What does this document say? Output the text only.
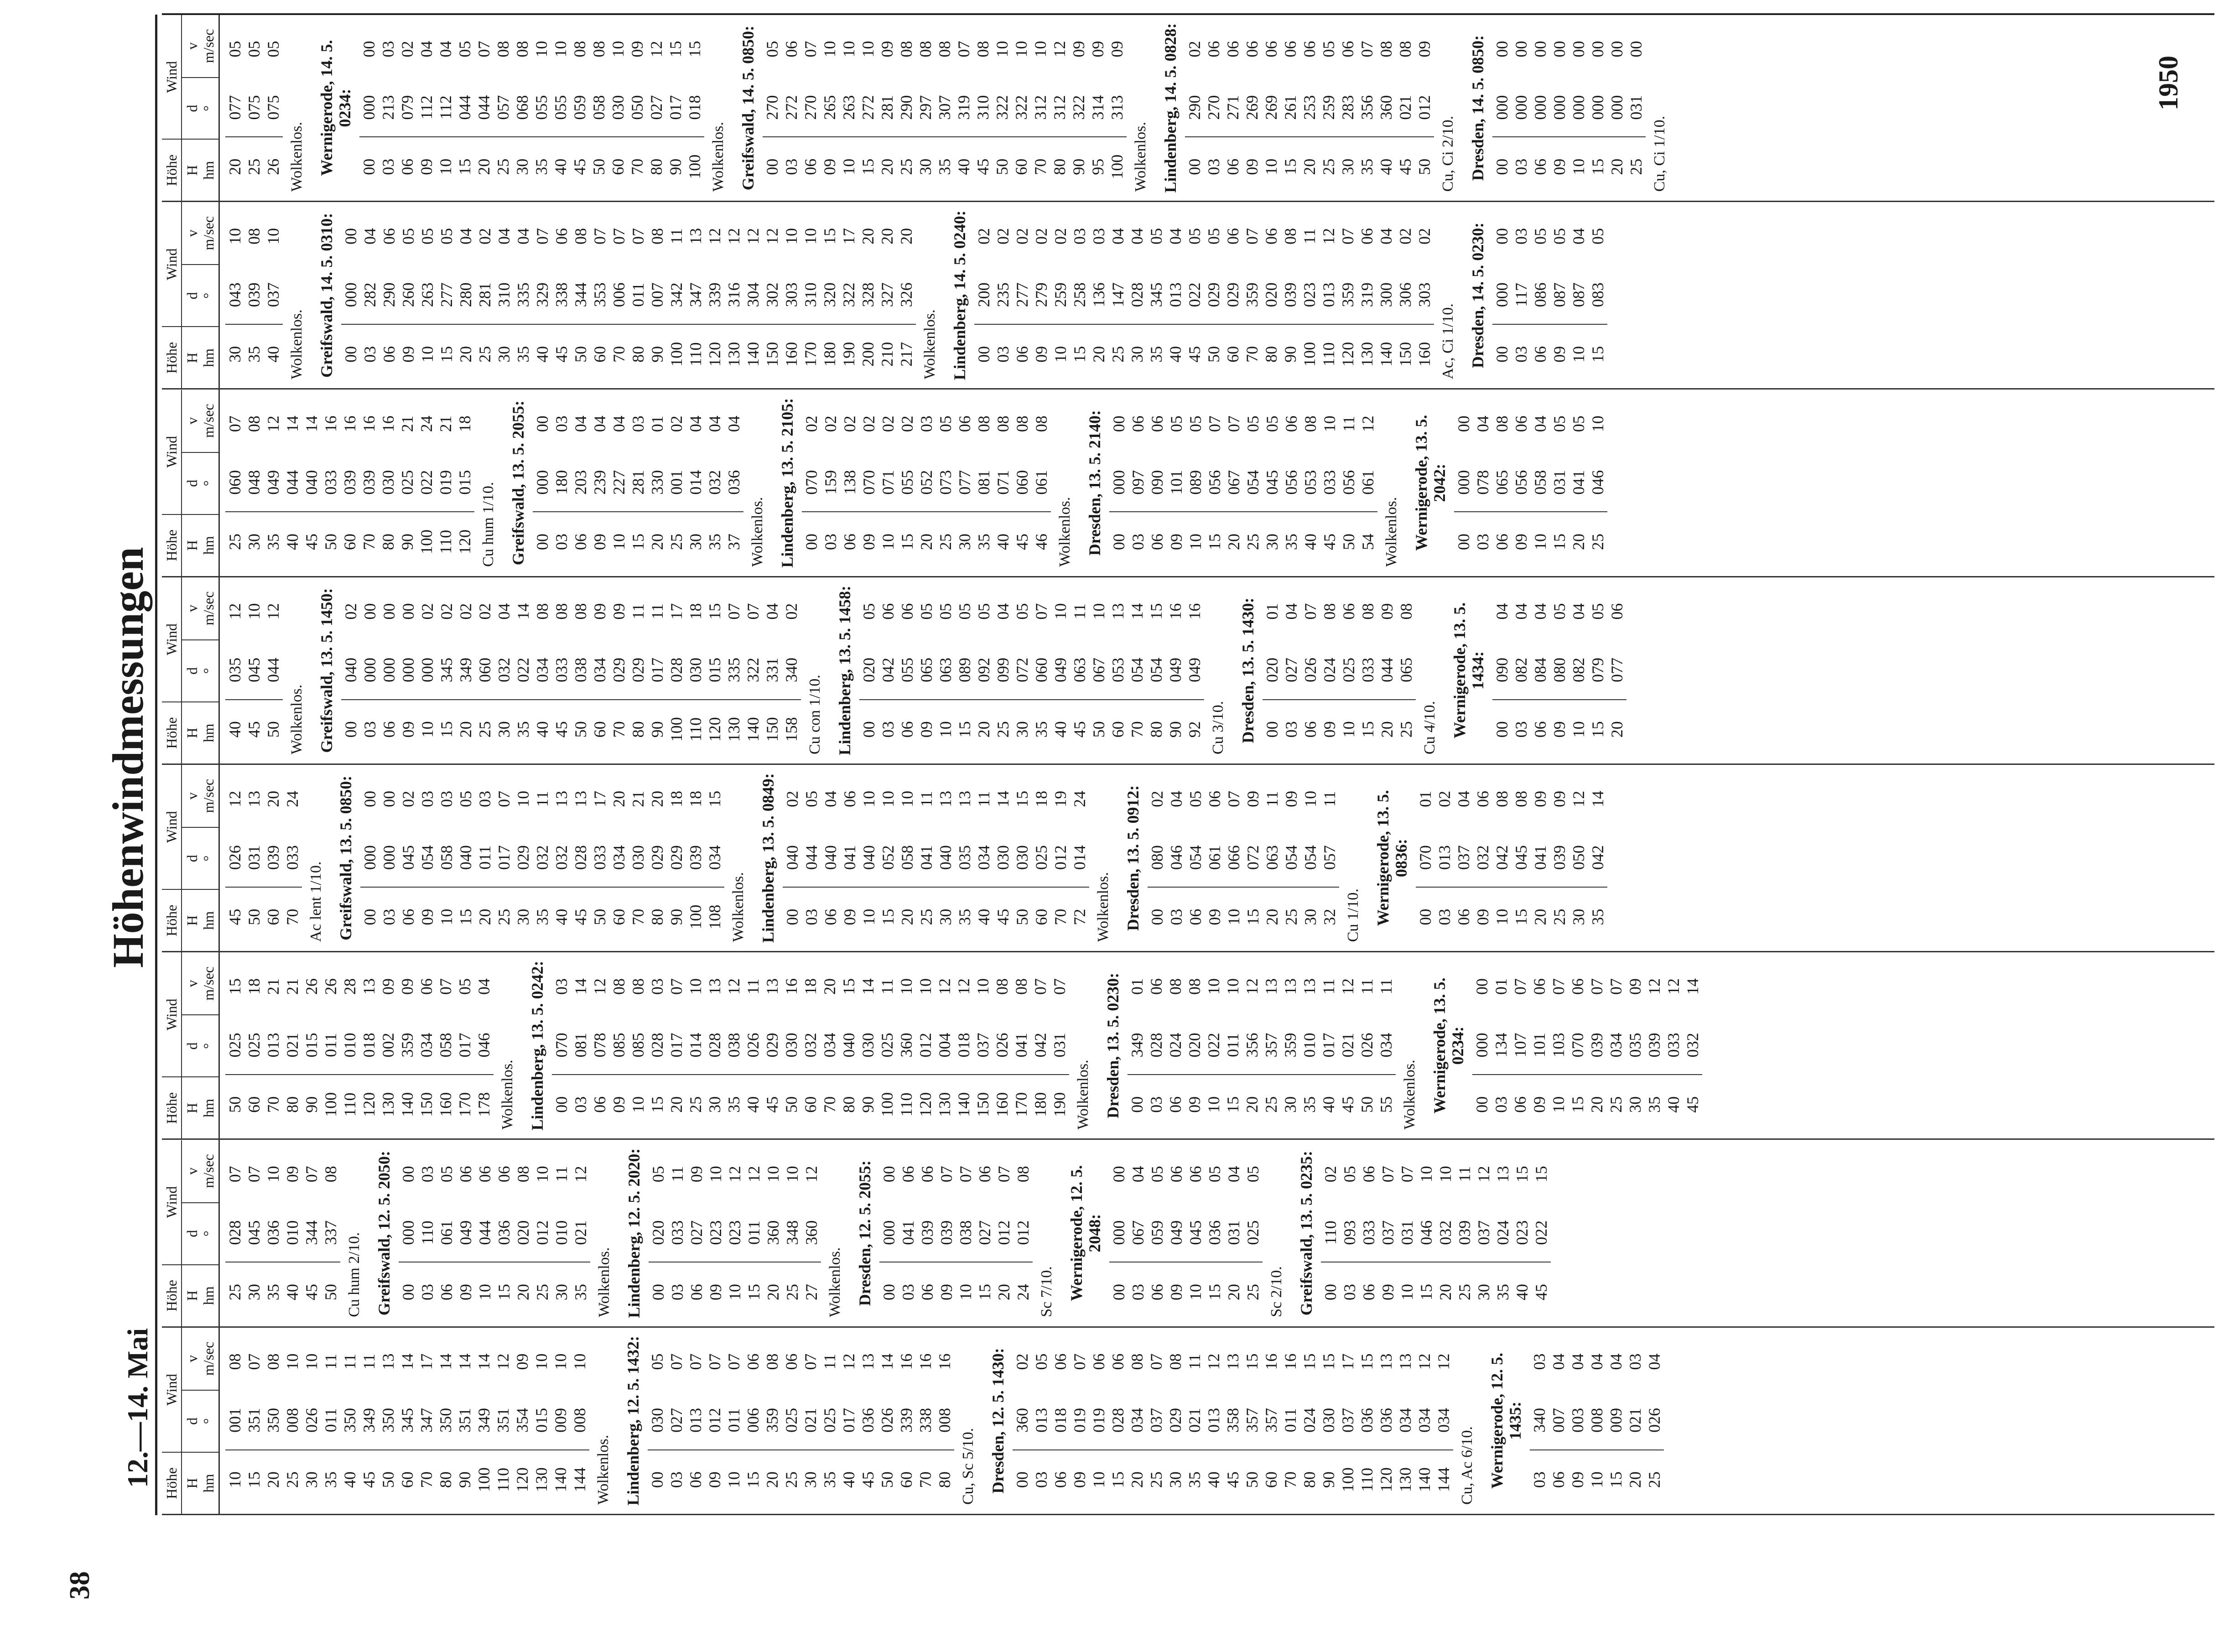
38
12.—14. Mai
Höhenwindmessungen
1950
Höhe
Wind
H hm
d °
v m/sec
10
001
08
15
351
07
20
350
08
25
008
10
30
026
10
35
011
11
40
350
11
45
349
11
50
350
13
60
345
14
70
347
17
80
350
14
90
351
14
100
349
14
110
351
12
120
354
09
130
015
10
140
009
10
144
008
10
Wolkenlos. Lindenberg, 12. 5. 1432: 00
030
05
03
027
07
06
013
07
09
012
07
10
011
07
15
006
06
20
359
08
25
025
06
30
021
07
35
025
11
40
017
12
45
036
13
50
026
14
60
339
16
70
338
16
80
008
16
Cu, Sc 5/10. Dresden, 12. 5. 1430: 00
360
02
03
013
05
06
018
06
09
019
07
10
019
06
15
028
06
20
034
08
25
037
07
30
029
08
35
021
11
40
013
12
45
358
13
50
357
15
60
357
16
70
011
16
80
024
15
90
030
15
100
037
17
110
036
15
120
036
13
130
034
13
140
034
12
144
034
12
Cu, Ac 6/10. Wernigerode, 12. 5. 1435:
03
340
03
06
007
04
09
003
04
10
008
04
15
009
04
20
021
03
25
026
04
Höhe
Wind
H hm
d °
v m/sec
25
028
07
30
045
07
35
036
10
40
010
09
45
344
07
50
337
08
Cu hum 2/10. Greifswald, 12. 5. 2050: 00
000
00
03
110
03
06
061
05
09
049
06
10
044
06
15
036
06
20
020
08
25
012
10
30
010
11
35
021
12
Wolkenlos. Lindenberg, 12. 5. 2020: 00
020
05
03
033
11
06
027
09
09
023
10
10
023
12
15
011
12
20
360
10
25
348
10
27
360
12
Wolkenlos. Dresden, 12. 5. 2055: 00
000
00
03
041
06
06
039
06
09
039
07
10
038
07
15
027
06
20
012
07
24
012
08
Sc 7/10. Wernigerode, 12. 5. 2048:
00
000
00
03
067
04
06
059
05
09
049
06
10
045
06
15
036
05
20
031
04
25
025
05
Sc 2/10. Greifswald, 13. 5. 0235: 00
110
02
03
093
05
06
033
06
09
037
07
10
031
07
15
046
10
20
032
10
25
039
11
30
037
12
35
024
13
40
023
15
45
022
15
Höhe
Wind
H hm
d °
v m/sec
50
025
15
60
025
18
70
013
21
80
021
21
90
015
26
100
011
26
110
010
28
120
018
13
130
002
09
140
359
09
150
034
06
160
058
07
170
017
05
178
046
04
Wolkenlos. Lindenberg, 13. 5. 0242: 00
070
03
03
081
14
06
078
12
09
085
08
10
085
08
15
028
03
20
017
07
25
014
10
30
028
13
35
038
12
40
026
11
45
029
13
50
030
16
60
032
18
70
034
20
80
040
15
90
030
14
100
025
11
110
360
10
120
012
10
130
004
12
140
018
12
150
037
10
160
026
08
170
041
08
180
042
07
190
031
07
Wolkenlos. Dresden, 13. 5. 0230: 00
349
01
03
028
06
06
024
08
09
020
08
10
022
10
15
011
10
20
356
12
25
357
13
30
359
13
35
010
13
40
017
11
45
021
12
50
026
11
55
034
11
Wolkenlos. Wernigerode, 13. 5. 0234:
00
000
00
03
134
01
06
107
07
09
101
06
10
103
07
15
070
06
20
039
07
25
034
07
30
035
09
35
039
12
40
033
12
45
032
14
Höhe
Wind
H hm
d °
v m/sec
45
026
12
50
031
13
60
039
20
70
033
24
Ac lent 1/10. Greifswald, 13. 5. 0850: 00
000
00
03
000
00
06
045
02
09
054
03
10
058
03
15
040
05
20
011
03
25
017
07
30
029
10
35
032
11
40
032
13
45
028
13
50
033
17
60
034
20
70
030
21
80
029
20
90
029
18
100
039
18
108
034
15
Wolkenlos. Lindenberg, 13. 5. 0849: 00
040
02
03
044
05
06
040
04
09
041
06
10
040
10
15
052
10
20
058
10
25
041
11
30
040
13
35
035
13
40
034
11
45
030
14
50
030
15
60
025
18
70
012
19
72
014
24
Wolkenlos. Dresden, 13. 5. 0912: 00
080
02
03
046
04
06
054
05
09
061
06
10
066
07
15
072
09
20
063
11
25
054
09
30
054
10
32
057
11
Cu 1/10. Wernigerode, 13. 5. 0836:
00
070
01
03
013
02
06
037
04
09
032
06
10
042
08
15
045
08
20
041
09
25
039
09
30
050
12
35
042
14
Höhe
Wind
H hm
d °
v m/sec
40
035
12
45
045
10
50
044
12
Wolkenlos. Greifswald, 13. 5. 1450: 00
040
02
03
000
00
06
000
00
09
000
00
10
000
02
15
345
02
20
349
02
25
060
02
30
032
04
35
022
14
40
034
08
45
033
08
50
038
08
60
034
09
70
029
09
80
029
11
90
017
11
100
028
17
110
030
18
120
015
15
130
335
07
140
322
07
150
331
04
158
340
02
Cu con 1/10. Lindenberg, 13. 5. 1458: 00
020
05
03
042
06
06
055
06
09
065
05
10
063
05
15
089
05
20
092
05
25
099
04
30
072
05
35
060
07
40
049
10
45
063
11
50
067
10
60
053
13
70
054
14
80
054
15
90
049
16
92
049
16
Cu 3/10. Dresden, 13. 5. 1430: 00
020
01
03
027
04
06
026
07
09
024
08
10
025
06
15
033
08
20
044
09
25
065
08
Cu 4/10. Wernigerode, 13. 5. 1434:
00
090
04
03
082
04
06
084
04
09
080
05
10
082
04
15
079
05
20
077
06
Höhe
Wind
H hm
d °
v m/sec
25
060
07
30
048
08
35
049
12
40
044
14
45
040
14
50
033
16
60
039
16
70
039
16
80
030
16
90
025
21
100
022
24
110
019
21
120
015
18
Cu hum 1/10. Greifswald, 13. 5. 2055: 00
000
00
03
180
03
06
203
04
09
239
04
10
227
04
15
281
03
20
330
01
25
001
02
30
014
04
35
032
04
37
036
04
Wolkenlos. Lindenberg, 13. 5. 2105: 00
070
02
03
159
02
06
138
02
09
070
02
10
071
02
15
055
02
20
052
03
25
073
05
30
077
06
35
081
08
40
071
08
45
060
08
46
061
08
Wolkenlos. Dresden, 13. 5. 2140: 00
000
00
03
097
06
06
090
06
09
101
05
10
089
05
15
056
07
20
067
07
25
054
05
30
045
05
35
056
06
40
053
08
45
033
10
50
056
11
54
061
12
Wolkenlos. Wernigerode, 13. 5. 2042:
00
000
00
03
078
04
06
065
08
09
056
06
10
058
04
15
031
05
20
041
05
25
046
10
Höhe
Wind
H hm
d °
v m/sec
30
043
10
35
039
08
40
037
10
Wolkenlos. Greifswald, 14. 5. 0310: 00
000
00
03
282
04
06
290
06
09
260
05
10
263
05
15
277
05
20
280
04
25
281
02
30
310
04
35
335
04
40
329
07
45
338
06
50
344
08
60
353
07
70
006
07
80
011
07
90
007
08
100
342
11
110
347
13
120
339
12
130
316
12
140
304
12
150
302
12
160
303
10
170
310
10
180
320
15
190
322
17
200
328
20
210
327
20
217
326
20
Wolkenlos. Lindenberg, 14. 5. 0240: 00
200
02
03
235
02
06
277
02
09
279
02
10
259
02
15
258
03
20
136
03
25
147
04
30
028
04
35
345
05
40
013
04
45
022
05
50
029
05
60
029
06
70
359
07
80
020
06
90
039
08
100
023
11
110
013
12
120
359
07
130
319
06
140
300
04
150
306
02
160
303
02
Ac, Ci 1/10. Dresden, 14. 5. 0230: 00
000
00
03
117
03
06
086
05
09
087
05
10
087
04
15
083
05
Höhe
Wind
H hm
d °
v m/sec
20
077
05
25
075
05
26
075
05
Wolkenlos. Wernigerode, 14. 5. 0234:
00
000
00
03
213
03
06
079
02
09
112
04
10
112
04
15
044
05
20
044
07
25
057
08
30
068
08
35
055
10
40
055
10
45
059
08
50
058
08
60
030
10
70
050
09
80
027
12
90
017
15
100
018
15
Wolkenlos. Greifswald, 14. 5. 0850: 00
270
05
03
272
06
06
270
07
09
265
10
10
263
10
15
272
10
20
281
09
25
290
08
30
297
08
35
307
08
40
319
07
45
310
08
50
322
10
60
322
10
70
312
10
80
312
12
90
322
09
95
314
09
100
313
09
Wolkenlos. Lindenberg, 14. 5. 0828: 00
290
02
03
270
06
06
271
06
09
269
06
10
269
06
15
261
06
20
253
06
25
259
05
30
283
06
35
356
07
40
360
08
45
021
08
50
012
09
Cu, Ci 2/10. Dresden, 14. 5. 0850: 00
000
00
03
000
00
06
000
00
09
000
00
10
000
00
15
000
00
20
000
00
25
031
00
Cu, Ci 1/10.
